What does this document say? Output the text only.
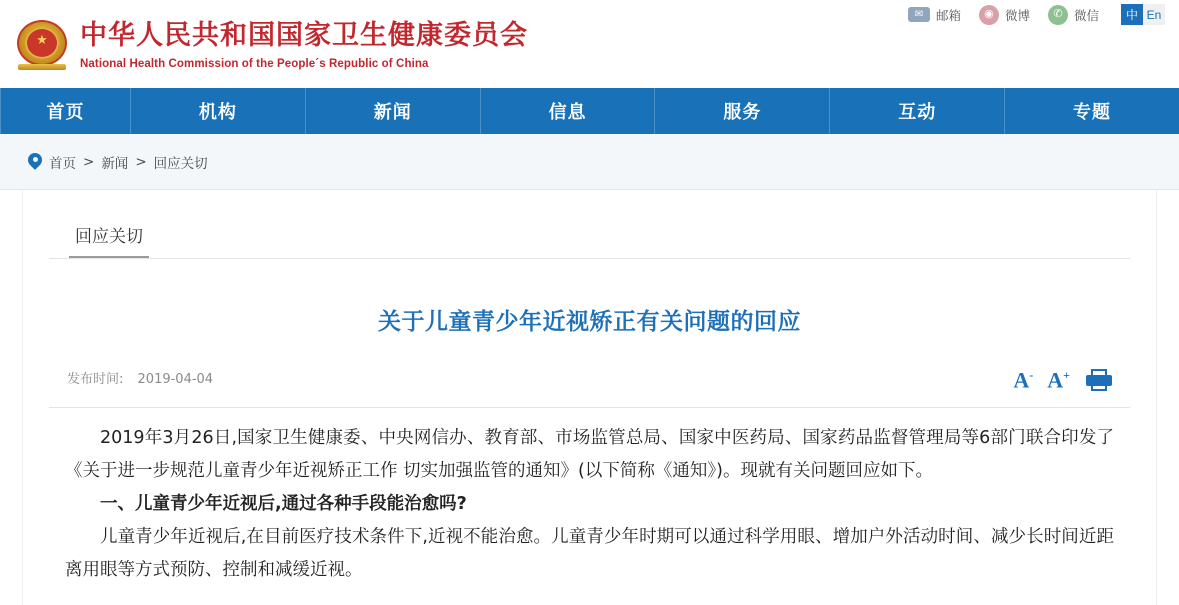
★ 中华人民共和国国家卫生健康委员会
National Health Commission of the People´s Republic of China
✉	邮箱	◉ 微博	✆ 微信	中 En
首页	机构	新闻	信息	服务	互动	专题
首页 > 新闻 > 回应关切
回应关切
关于儿童青少年近视矫正有关问题的回应
发布时间: 2019-04-04	A- A+

2019年3月26日,国家卫生健康委、中央网信办、教育部、市场监管总局、国家中医药局、国家药品监督管理局等6部门联合印发了《关于进一步规范儿童青少年近视矫正工作 切实加强监管的通知》(以下简称《通知》)。现就有关问题回应如下。

一、儿童青少年近视后,通过各种手段能治愈吗?

儿童青少年近视后,在目前医疗技术条件下,近视不能治愈。儿童青少年时期可以通过科学用眼、增加户外活动时间、减少长时间近距离用眼等方式预防、控制和减缓近视。
